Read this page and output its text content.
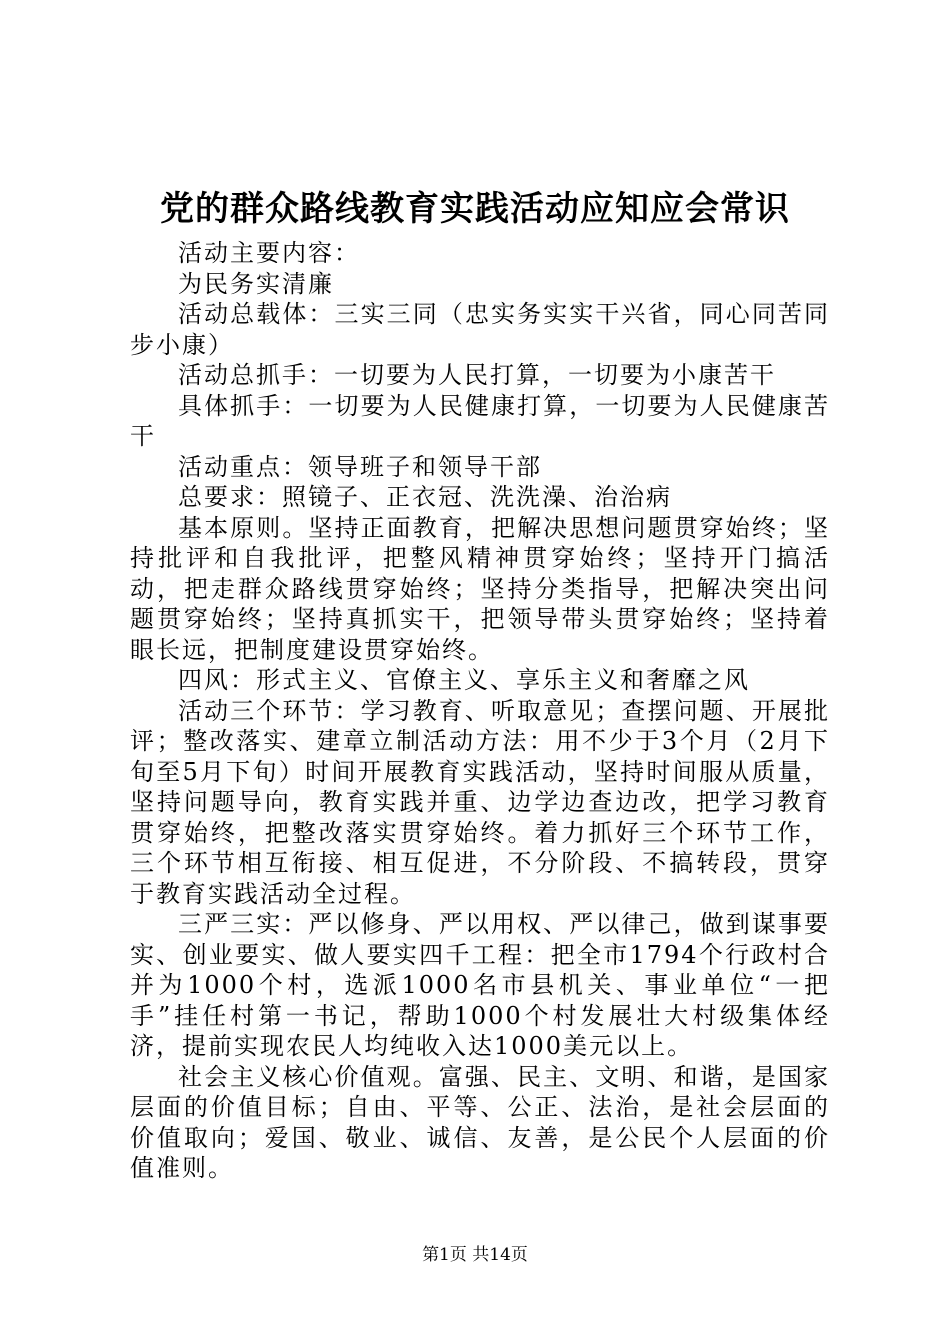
党的群众路线教育实践活动应知应会常识

活动主要内容：

为民务实清廉

活动总载体：三实三同（忠实务实实干兴省，同心同苦同步小康）

活动总抓手：一切要为人民打算，一切要为小康苦干

具体抓手：一切要为人民健康打算，一切要为人民健康苦干

活动重点：领导班子和领导干部

总要求：照镜子、正衣冠、洗洗澡、治治病

基本原则。坚持正面教育，把解决思想问题贯穿始终；坚持批评和自我批评，把整风精神贯穿始终；坚持开门搞活动，把走群众路线贯穿始终；坚持分类指导，把解决突出问题贯穿始终；坚持真抓实干，把领导带头贯穿始终；坚持着眼长远，把制度建设贯穿始终。

四风：形式主义、官僚主义、享乐主义和奢靡之风

活动三个环节：学习教育、听取意见；查摆问题、开展批评；整改落实、建章立制活动方法：用不少于3个月（2月下旬至5月下旬）时间开展教育实践活动，坚持时间服从质量，坚持问题导向，教育实践并重、边学边查边改，把学习教育贯穿始终，把整改落实贯穿始终。着力抓好三个环节工作，三个环节相互衔接、相互促进，不分阶段、不搞转段，贯穿于教育实践活动全过程。

三严三实：严以修身、严以用权、严以律己，做到谋事要实、创业要实、做人要实四千工程：把全市1794个行政村合并为1000个村，选派1000名市县机关、事业单位“一把手”挂任村第一书记，帮助1000个村发展壮大村级集体经济，提前实现农民人均纯收入达1000美元以上。

社会主义核心价值观。富强、民主、文明、和谐，是国家层面的价值目标；自由、平等、公正、法治，是社会层面的价值取向；爱国、敬业、诚信、友善，是公民个人层面的价值准则。

第1页 共14页
